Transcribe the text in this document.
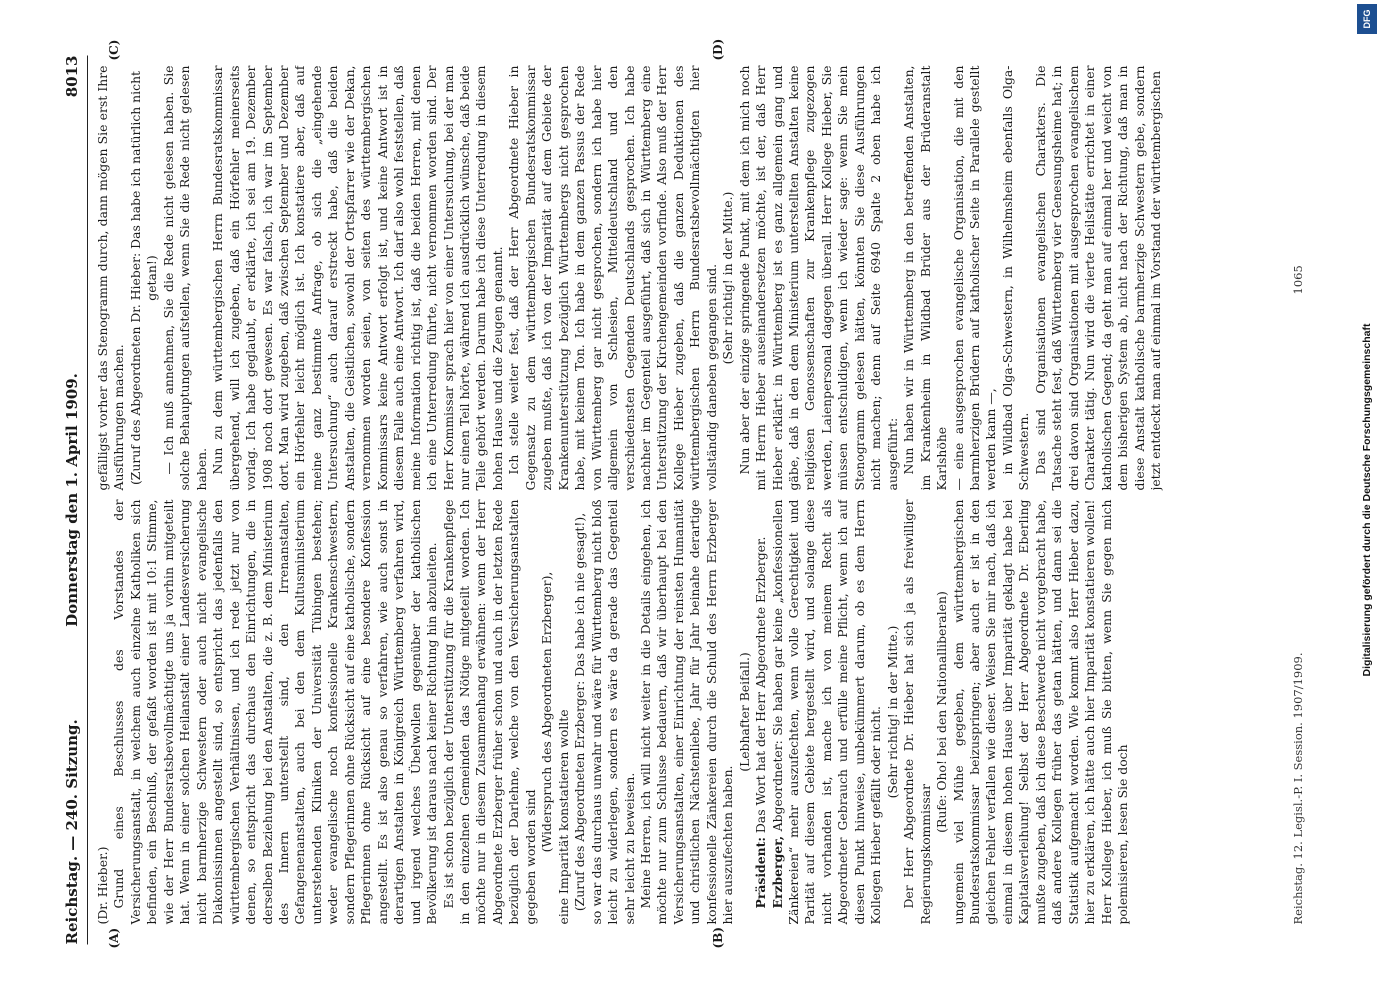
Reichstag. — 240. Sitzung.
Donnerstag den 1. April 1909.
8013
(A)	(B)
(C)	(D)

(Dr. Hieber.) Grund eines Beschlusses des Vorstandes der Versicherungsanstalt, in welchem auch einzelne Katholiken sich befinden, ein Beschluß, der gefaßt worden ist mit 10:1 Stimme, wie der Herr Bundesratsbevollmächtigte uns ja vorhin mitgeteilt hat. Wenn in einer solchen Heilanstalt einer Landesversicherung nicht barmherzige Schwestern oder auch nicht evangelische Diakonissinnen angestellt sind, so entspricht das jedenfalls den württembergischen Verhältnissen, und ich rede jetzt nur von denen, so entspricht das durchaus den Einrichtungen, die in derselben Beziehung bei den Anstalten, die z. B. dem Ministerium des Innern unterstellt sind, den Irrenanstalten, Gefangenenanstalten, auch bei den dem Kultusministerium unterstehenden Kliniken der Universität Tübingen bestehen; weder evangelische noch konfessionelle Krankenschwestern, sondern Pflegerinnen ohne Rücksicht auf eine katholische, sondern Pflegerinnen ohne Rücksicht auf eine besondere Konfession angestellt. Es ist also genau so verfahren, wie auch sonst in derartigen Anstalten in Königreich Württemberg verfahren wird, und irgend welches Übelwollen gegenüber der katholischen Bevölkerung ist daraus nach keiner Richtung hin abzuleiten. Es ist schon bezüglich der Unterstützung für die Krankenpflege in den einzelnen Gemeinden das Nötige mitgeteilt worden. Ich möchte nur in diesem Zusammenhang erwähnen: wenn der Herr Abgeordnete Erzberger früher schon und auch in der letzten Rede bezüglich der Darlehne, welche von den Versicherungsanstalten gegeben worden sind

(Widerspruch des Abgeordneten Erzberger), eine Imparität konstatieren wollte (Zuruf des Abgeordneten Erzberger: Das habe ich nie gesagt!), so war das durchaus unwahr und wäre für Württemberg nicht bloß leicht zu widerlegen, sondern es wäre da gerade das Gegenteil sehr leicht zu beweisen. Meine Herren, ich will nicht weiter in die Details eingehen, ich möchte nur zum Schlusse bedauern, daß wir überhaupt bei den Versicherungsanstalten, einer Einrichtung der reinsten Humanität und christlichen Nächstenliebe, Jahr für Jahr beinahe derartige konfessionelle Zänkereien durch die Schuld des Herrn Erzberger hier auszufechten haben.

(Lebhafter Beifall.)

Präsident: Das Wort hat der Herr Abgeordnete Erzberger.

Erzberger, Abgeordneter: Sie haben gar keine „konfessionellen Zänkereien“ mehr auszufechten, wenn volle Gerechtigkeit und Parität auf diesem Gebiete hergestellt wird, und solange diese nicht vorhanden ist, mache ich von meinem Recht als Abgeordneter Gebrauch und erfülle meine Pflicht, wenn ich auf diesen Punkt hinweise, unbekümmert darum, ob es dem Herrn Kollegen Hieber gefällt oder nicht. (Sehr richtig! in der Mitte.) Der Herr Abgeordnete Dr. Hieber hat sich ja als freiwilliger Regierungskommissar

(Rufe: Oho! bei den Nationalliberalen) ungemein viel Mühe gegeben, dem württembergischen Bundesratskommissar beizuspringen; aber auch er ist in den gleichen Fehler verfallen wie dieser. Weisen Sie mir nach, daß ich einmal in diesem hohen Hause über Imparität geklagt habe bei Kapitalsverleihung! Selbst der Herr Abgeordnete Dr. Eberling mußte zugeben, daß ich diese Beschwerde nicht vorgebracht habe, daß andere Kollegen früher das getan hätten, und dann sei die Statistik aufgemacht worden. Wie kommt also Herr Hieber dazu, hier zu erklären, ich hätte auch hier Imparität konstatieren wollen! Herr Kollege Hieber, ich muß Sie bitten, wenn Sie gegen mich polemisieren, lesen Sie doch

gefälligst vorher das Stenogramm durch, dann mögen Sie erst Ihre Ausführungen machen. (Zuruf des Abgeordneten Dr. Hieber: Das habe ich natürlich nicht getan!) — Ich muß annehmen, Sie die Rede nicht gelesen haben. Sie solche Behauptungen aufstellen, wenn Sie die Rede nicht gelesen haben. Nun zu dem württembergischen Herrn Bundesratskommissar übergehend, will ich zugeben, daß ein Hörfehler meinerseits vorlag. Ich habe geglaubt, er erklärte, ich sei am 19. Dezember 1908 noch dort gewesen. Es war falsch, ich war im September dort. Man wird zugeben, daß zwischen September und Dezember ein Hörfehler leicht möglich ist. Ich konstatiere aber, daß auf meine ganz bestimmte Anfrage, ob sich die „eingehende Untersuchung“ auch darauf erstreckt habe, daß die beiden Anstalten, die Geistlichen, sowohl der Ortspfarrer wie der Dekan, vernommen worden seien, von seiten des württembergischen Kommissars keine Antwort erfolgt ist, und keine Antwort ist in diesem Falle auch eine Antwort. Ich darf also wohl feststellen, daß meine Information richtig ist, daß die beiden Herren, mit denen ich eine Unterredung führte, nicht vernommen worden sind. Der Herr Kommissar sprach hier von einer Untersuchung, bei der man nur einen Teil hörte, während ich ausdrücklich wünsche, daß beide Teile gehört werden. Darum habe ich diese Unterredung in diesem hohen Hause und die Zeugen genannt. Ich stelle weiter fest, daß der Herr Abgeordnete Hieber in Gegensatz zu dem württembergischen Bundesratskommissar zugeben mußte, daß ich von der Imparität auf dem Gebiete der Krankenunterstützung bezüglich Württembergs nicht gesprochen habe, mit keinem Ton. Ich habe in dem ganzen Passus der Rede von Württemberg gar nicht gesprochen, sondern ich habe hier allgemein von Schlesien, Mitteldeutschland und den verschiedensten Gegenden Deutschlands gesprochen. Ich habe nachher im Gegenteil ausgeführt, daß sich in Württemberg eine Unterstützung der Kirchengemeinden vorfinde. Also muß der Herr Kollege Hieber zugeben, daß die ganzen Deduktionen des württembergischen Herrn Bundesratsbevollmächtigten hier vollständig daneben gegangen sind. (Sehr richtig! in der Mitte.) Nun aber der einzige springende Punkt, mit dem ich mich noch mit Herrn Hieber auseinandersetzen möchte, ist der, daß Herr Hieber erklärt: in Württemberg ist es ganz allgemein gang und gäbe, daß in den dem Ministerium unterstellten Anstalten keine religiösen Genossenschaften zur Krankenpflege zugezogen werden, Laienpersonal dagegen überall. Herr Kollege Hieber, Sie müssen entschuldigen, wenn ich wieder sage: wenn Sie mein Stenogramm gelesen hätten, könnten Sie diese Ausführungen nicht machen; denn auf Seite 6940 Spalte 2 oben habe ich ausgeführt: Nun haben wir in Württemberg in den betreffenden Anstalten, im Krankenheim in Wildbad Brüder aus der Brüderanstalt Karlshöhe — eine ausgesprochen evangelische Organisation, die mit den barmherzigen Brüdern auf katholischer Seite in Parallele gestellt werden kann —, in Wildbad Olga-Schwestern, in Wilhelmsheim ebenfalls Olga-Schwestern. Das sind Organisationen evangelischen Charakters. Die Tatsache steht fest, daß Württemberg vier Genesungsheime hat; in drei davon sind Organisationen mit ausgesprochen evangelischem Charakter tätig. Nun wird die vierte Heilstätte errichtet in einer katholischen Gegend; da geht man auf einmal her und weicht von dem bisherigen System ab, nicht nach der Richtung, daß man in diese Anstalt katholische barmherzige Schwestern gebe, sondern jetzt entdeckt man auf einmal im Vorstand der württembergischen

Reichstag. 12. Legisl.-P. I. Session. 1907/1909.
1065
DFG
Digitalisierung gefördert durch die Deutsche Forschungsgemeinschaft
